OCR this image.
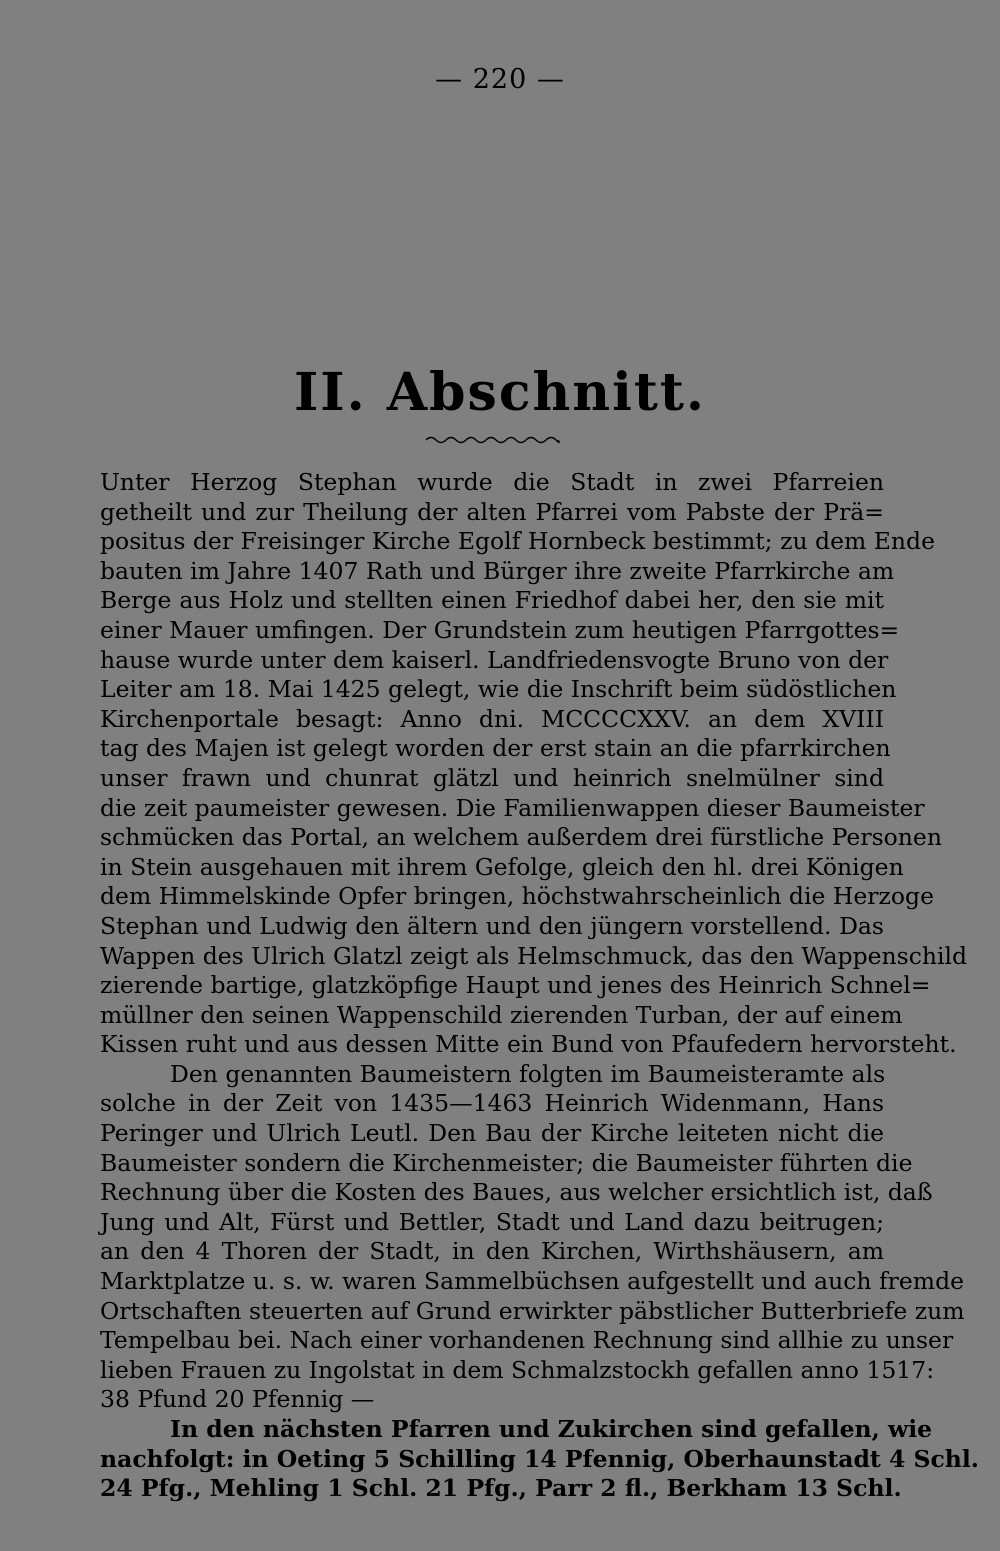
— 220 —
II. Abschnitt.
Unter Herzog Stephan wurde die Stadt in zwei Pfarreien
getheilt und zur Theilung der alten Pfarrei vom Pabste der Prä=
positus der Freisinger Kirche Egolf Hornbeck bestimmt; zu dem Ende
bauten im Jahre 1407 Rath und Bürger ihre zweite Pfarrkirche am
Berge aus Holz und stellten einen Friedhof dabei her, den sie mit
einer Mauer umfingen. Der Grundstein zum heutigen Pfarrgottes=
hause wurde unter dem kaiserl. Landfriedensvogte Bruno von der
Leiter am 18. Mai 1425 gelegt, wie die Inschrift beim südöstlichen
Kirchenportale besagt: Anno dni. MCCCCXXV. an dem XVIII
tag des Majen ist gelegt worden der erst stain an die pfarrkirchen
unser frawn und chunrat glätzl und heinrich snelmülner sind
die zeit paumeister gewesen. Die Familienwappen dieser Baumeister
schmücken das Portal, an welchem außerdem drei fürstliche Personen
in Stein ausgehauen mit ihrem Gefolge, gleich den hl. drei Königen
dem Himmelskinde Opfer bringen, höchstwahrscheinlich die Herzoge
Stephan und Ludwig den ältern und den jüngern vorstellend. Das
Wappen des Ulrich Glatzl zeigt als Helmschmuck, das den Wappenschild
zierende bartige, glatzköpfige Haupt und jenes des Heinrich Schnel=
müllner den seinen Wappenschild zierenden Turban, der auf einem
Kissen ruht und aus dessen Mitte ein Bund von Pfaufedern hervorsteht.
Den genannten Baumeistern folgten im Baumeisteramte als
solche in der Zeit von 1435—1463 Heinrich Widenmann, Hans
Peringer und Ulrich Leutl. Den Bau der Kirche leiteten nicht die
Baumeister sondern die Kirchenmeister; die Baumeister führten die
Rechnung über die Kosten des Baues, aus welcher ersichtlich ist, daß
Jung und Alt, Fürst und Bettler, Stadt und Land dazu beitrugen;
an den 4 Thoren der Stadt, in den Kirchen, Wirthshäusern, am
Marktplatze u. s. w. waren Sammelbüchsen aufgestellt und auch fremde
Ortschaften steuerten auf Grund erwirkter päbstlicher Butterbriefe zum
Tempelbau bei. Nach einer vorhandenen Rechnung sind allhie zu unser
lieben Frauen zu Ingolstat in dem Schmalzstockh gefallen anno 1517:
38 Pfund 20 Pfennig —
In den nächsten Pfarren und Zukirchen sind gefallen, wie
nachfolgt: in Oeting 5 Schilling 14 Pfennig, Oberhaunstadt 4 Schl.
24 Pfg., Mehling 1 Schl. 21 Pfg., Parr 2 fl., Berkham 13 Schl.
